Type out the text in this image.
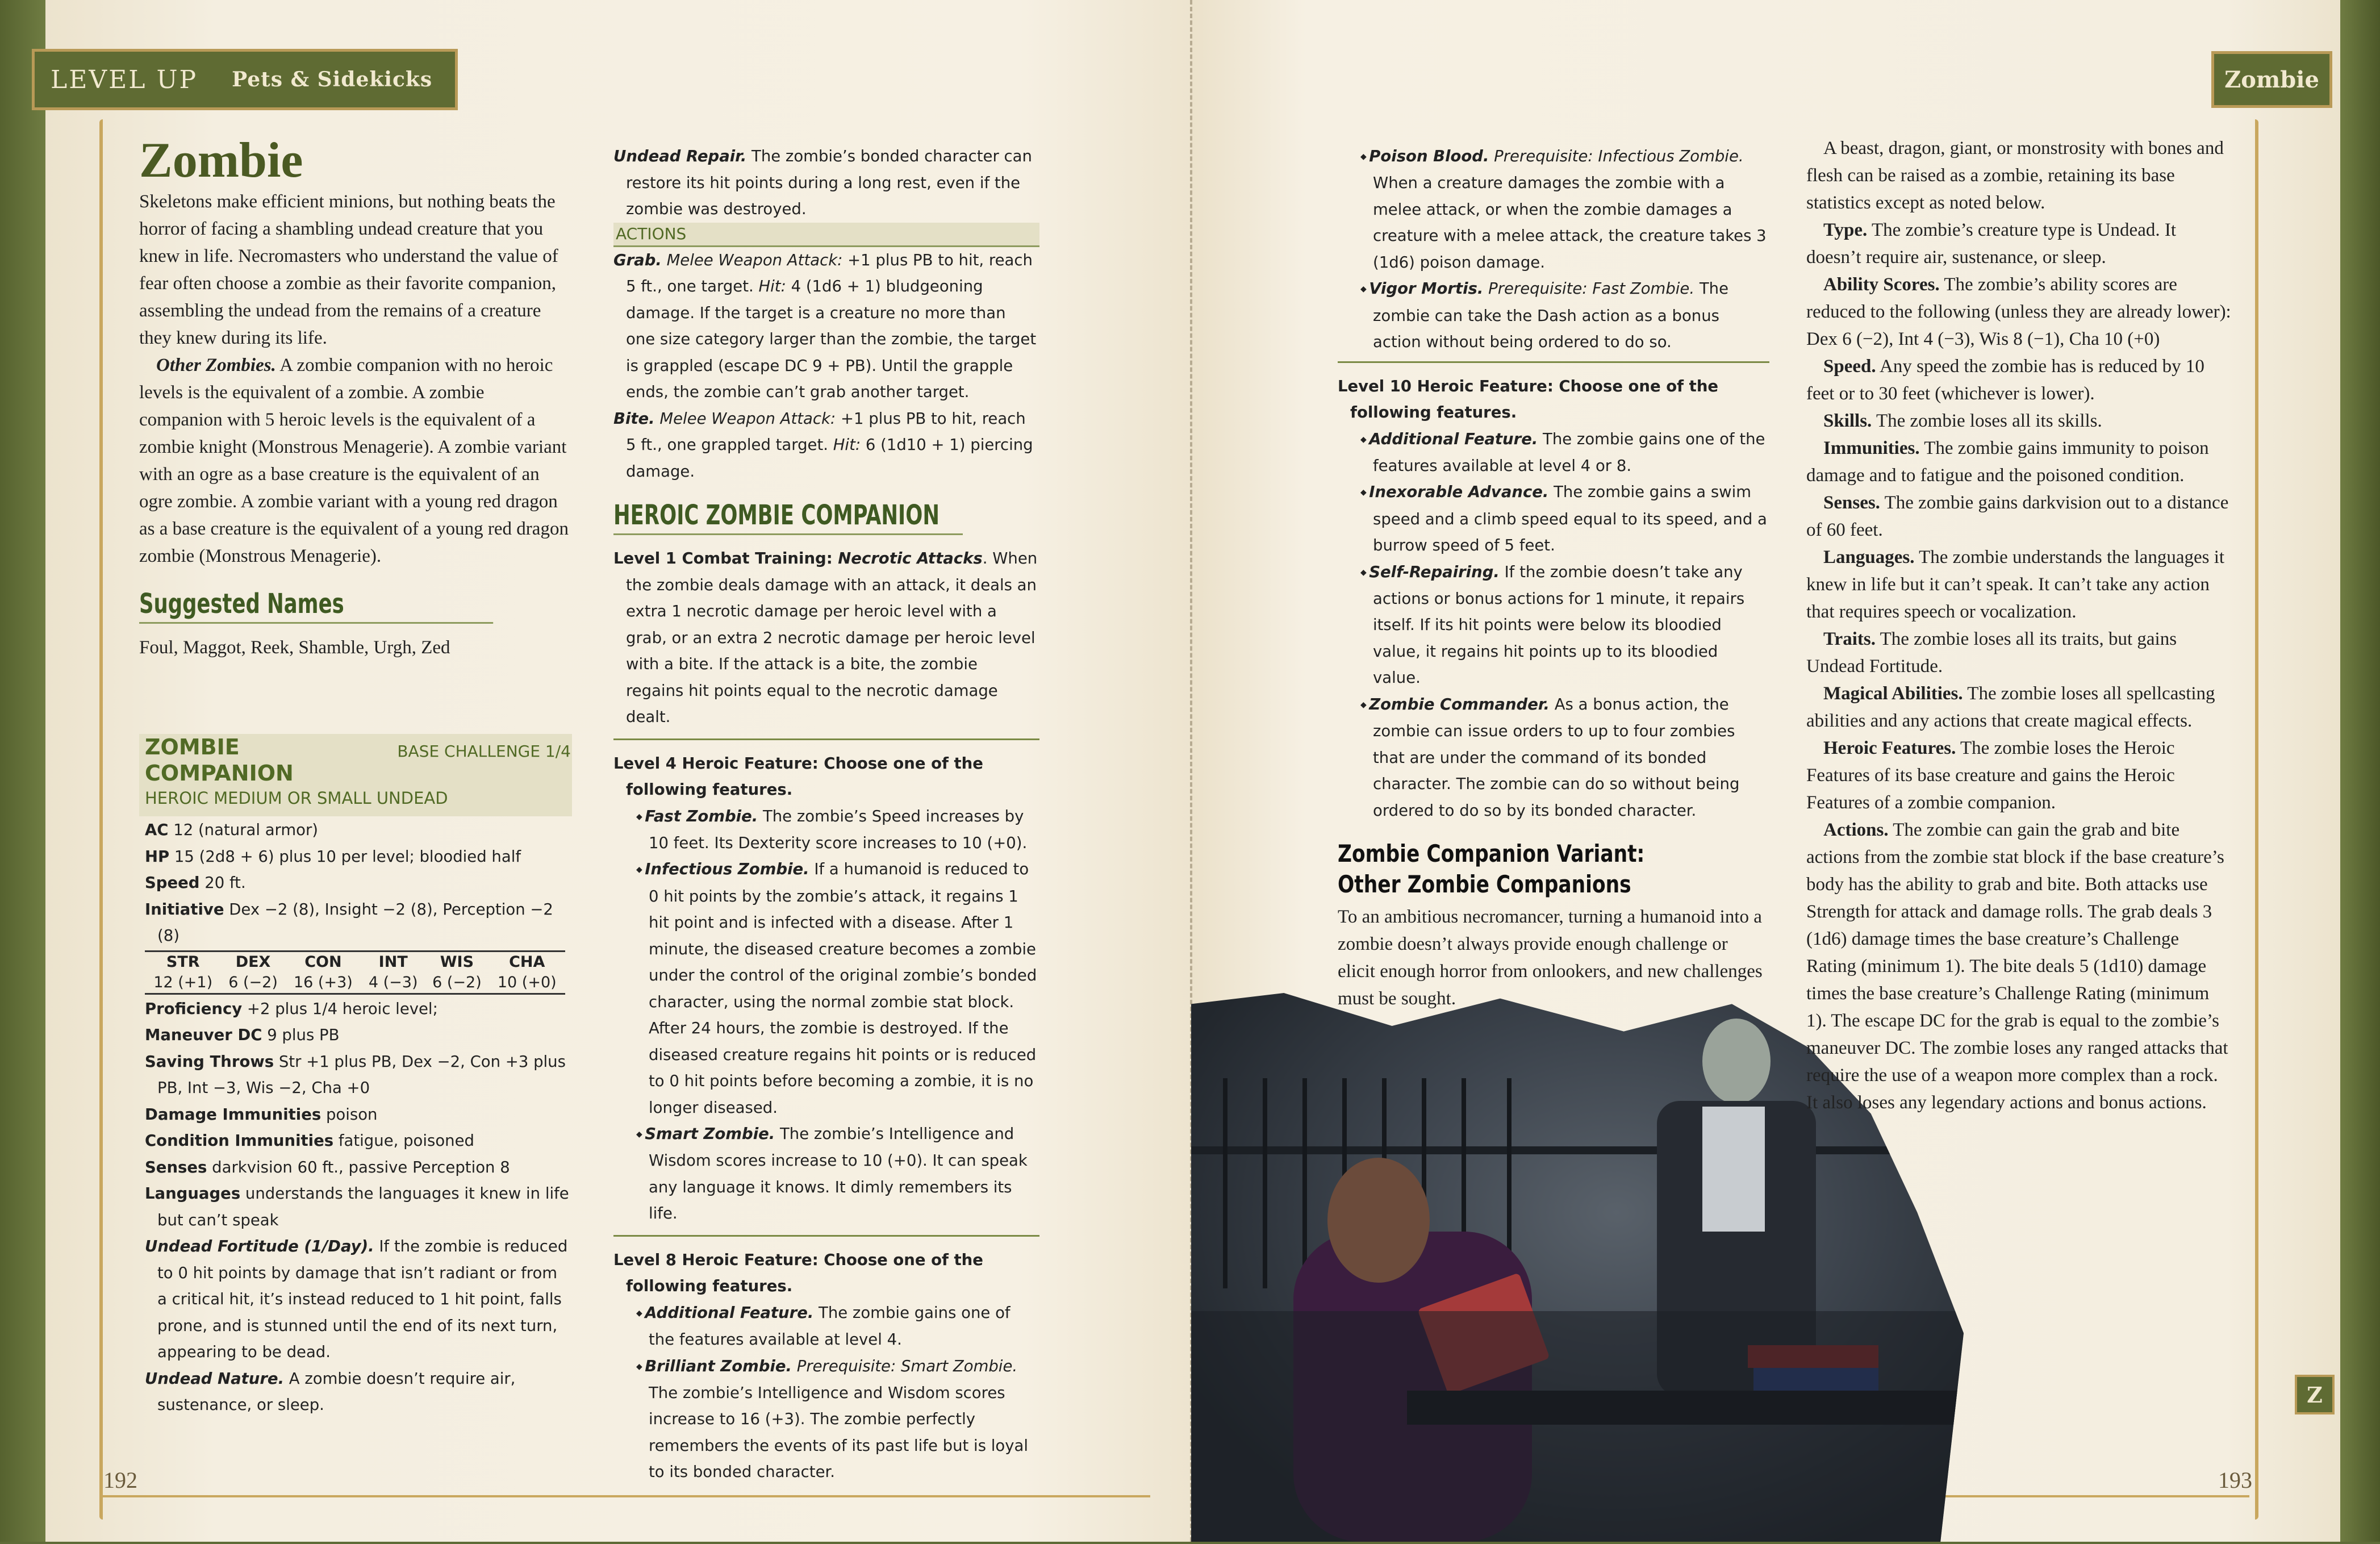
LEVEL UP Pets & Sidekicks	Zombie
Zombie

Skeletons make efficient minions, but nothing beats the horror of facing a shambling undead creature that you knew in life. Necromasters who understand the value of fear often choose a zombie as their favorite companion, assembling the undead from the remains of a creature they knew during its life.

Other Zombies. A zombie companion with no heroic levels is the equivalent of a zombie. A zombie companion with 5 heroic levels is the equivalent of a zombie knight (Monstrous Menagerie). A zombie variant with an ogre as a base creature is the equivalent of an ogre zombie. A zombie variant with a young red dragon as a base creature is the equivalent of a young red dragon zombie (Monstrous Menagerie).

Suggested Names

Foul, Maggot, Reek, Shamble, Urgh, Zed

ZOMBIE COMPANION
BASE CHALLENGE 1/4
HEROIC MEDIUM OR SMALL UNDEAD

AC 12 (natural armor)

HP 15 (2d8 + 6) plus 10 per level; bloodied half

Speed 20 ft.

Initiative Dex −2 (8), Insight −2 (8), Perception −2 (8)

STR	DEX	CON	INT	WIS	CHA
12 (+1)	6 (−2)	16 (+3)	4 (−3)	6 (−2)	10 (+0)

Proficiency +2 plus 1/4 heroic level;

Maneuver DC 9 plus PB

Saving Throws Str +1 plus PB, Dex −2, Con +3 plus PB, Int −3, Wis −2, Cha +0

Damage Immunities poison

Condition Immunities fatigue, poisoned

Senses darkvision 60 ft., passive Perception 8

Languages understands the languages it knew in life but can’t speak

Undead Fortitude (1/Day). If the zombie is reduced to 0 hit points by damage that isn’t radiant or from a critical hit, it’s instead reduced to 1 hit point, falls prone, and is stunned until the end of its next turn, appearing to be dead.

Undead Nature. A zombie doesn’t require air, sustenance, or sleep.

Undead Repair. The zombie’s bonded character can restore its hit points during a long rest, even if the zombie was destroyed.

ACTIONS

Grab. Melee Weapon Attack: +1 plus PB to hit, reach 5 ft., one target. Hit: 4 (1d6 + 1) bludgeoning damage. If the target is a creature no more than one size category larger than the zombie, the target is grappled (escape DC 9 + PB). Until the grapple ends, the zombie can’t grab another target.

Bite. Melee Weapon Attack: +1 plus PB to hit, reach 5 ft., one grappled target. Hit: 6 (1d10 + 1) piercing damage.

HEROIC ZOMBIE COMPANION

Level 1 Combat Training: Necrotic Attacks. When the zombie deals damage with an attack, it deals an extra 1 necrotic damage per heroic level with a grab, or an extra 2 necrotic damage per heroic level with a bite. If the attack is a bite, the zombie regains hit points equal to the necrotic damage dealt.

Level 4 Heroic Feature: Choose one of the following features.

◆ Fast Zombie. The zombie’s Speed increases by 10 feet. Its Dexterity score increases to 10 (+0).

◆ Infectious Zombie. If a humanoid is reduced to 0 hit points by the zombie’s attack, it regains 1 hit point and is infected with a disease. After 1 minute, the diseased creature becomes a zombie under the control of the original zombie’s bonded character, using the normal zombie stat block. After 24 hours, the zombie is destroyed. If the diseased creature regains hit points or is reduced to 0 hit points before becoming a zombie, it is no longer diseased.

◆ Smart Zombie. The zombie’s Intelligence and Wisdom scores increase to 10 (+0). It can speak any language it knows. It dimly remembers its life.

Level 8 Heroic Feature: Choose one of the following features.

◆ Additional Feature. The zombie gains one of the features available at level 4.

◆ Brilliant Zombie. Prerequisite: Smart Zombie. The zombie’s Intelligence and Wisdom scores increase to 16 (+3). The zombie perfectly remembers the events of its past life but is loyal to its bonded character.

◆ Poison Blood. Prerequisite: Infectious Zombie. When a creature damages the zombie with a melee attack, or when the zombie damages a creature with a melee attack, the creature takes 3 (1d6) poison damage.

◆ Vigor Mortis. Prerequisite: Fast Zombie. The zombie can take the Dash action as a bonus action without being ordered to do so.

Level 10 Heroic Feature: Choose one of the following features.

◆ Additional Feature. The zombie gains one of the features available at level 4 or 8.

◆ Inexorable Advance. The zombie gains a swim speed and a climb speed equal to its speed, and a burrow speed of 5 feet.

◆ Self-Repairing. If the zombie doesn’t take any actions or bonus actions for 1 minute, it repairs itself. If its hit points were below its bloodied value, it regains hit points up to its bloodied value.

◆ Zombie Commander. As a bonus action, the zombie can issue orders to up to four zombies that are under the command of its bonded character. The zombie can do so without being ordered to do so by its bonded character.

Zombie Companion Variant:
Other Zombie Companions

To an ambitious necromancer, turning a humanoid into a zombie doesn’t always provide enough challenge or elicit enough horror from onlookers, and new challenges must be sought.

A beast, dragon, giant, or monstrosity with bones and flesh can be raised as a zombie, retaining its base statistics except as noted below.

Type. The zombie’s creature type is Undead. It doesn’t require air, sustenance, or sleep.

Ability Scores. The zombie’s ability scores are reduced to the following (unless they are already lower): Dex 6 (−2), Int 4 (−3), Wis 8 (−1), Cha 10 (+0)

Speed. Any speed the zombie has is reduced by 10 feet or to 30 feet (whichever is lower).

Skills. The zombie loses all its skills.

Immunities. The zombie gains immunity to poison damage and to fatigue and the poisoned condition.

Senses. The zombie gains darkvision out to a distance of 60 feet.

Languages. The zombie understands the languages it knew in life but it can’t speak. It can’t take any action that requires speech or vocalization.

Traits. The zombie loses all its traits, but gains Undead Fortitude.

Magical Abilities. The zombie loses all spellcasting abilities and any actions that create magical effects.

Heroic Features. The zombie loses the Heroic Features of its base creature and gains the Heroic Features of a zombie companion.

Actions. The zombie can gain the grab and bite actions from the zombie stat block if the base creature’s body has the ability to grab and bite. Both attacks use Strength for attack and damage rolls. The grab deals 3 (1d6) damage times the base creature’s Challenge Rating (minimum 1). The bite deals 5 (1d10) damage times the base creature’s Challenge Rating (minimum 1). The escape DC for the grab is equal to the zombie’s maneuver DC. The zombie loses any ranged attacks that require the use of a weapon more complex than a rock. It also loses any legendary actions and bonus actions.

Z
192	193
